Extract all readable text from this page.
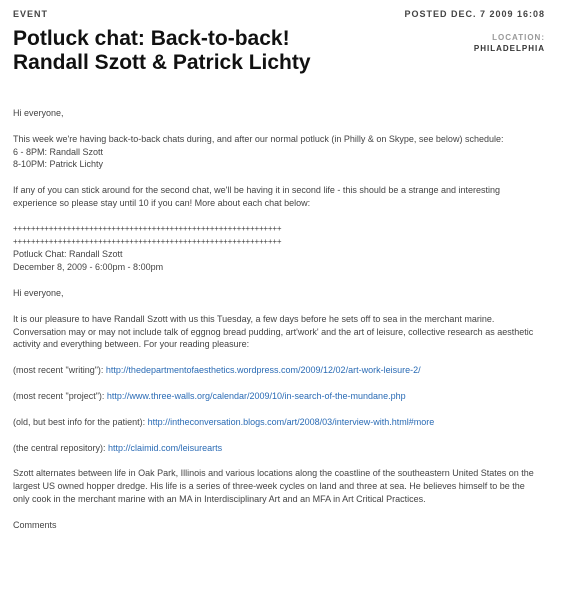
EVENT	POSTED DEC. 7 2009 16:08
Potluck chat: Back-to-back!
Randall Szott & Patrick Lichty
LOCATION:
PHILADELPHIA

Hi everyone,

This week we're having back-to-back chats during, and after our normal potluck (in Philly & on Skype, see below) schedule:
6 - 8PM: Randall Szott
8-10PM: Patrick Lichty

If any of you can stick around for the second chat, we'll be having it in second life - this should be a strange and interesting experience so please stay until 10 if you can! More about each chat below:

++++++++++++++++++++++++++++++++++++++++++++++++++++++++++++
++++++++++++++++++++++++++++++++++++++++++++++++++++++++++++
Potluck Chat: Randall Szott
December 8, 2009 - 6:00pm - 8:00pm

Hi everyone,

It is our pleasure to have Randall Szott with us this Tuesday, a few days before he sets off to sea in the merchant marine. Conversation may or may not include talk of eggnog bread pudding, art'work' and the art of leisure, collective research as aesthetic activity and everything between. For your reading pleasure:

(most recent "writing"): http://thedepartmentofaesthetics.wordpress.com/2009/12/02/art-work-leisure-2/

(most recent "project"): http://www.three-walls.org/calendar/2009/10/in-search-of-the-mundane.php

(old, but best info for the patient): http://intheconversation.blogs.com/art/2008/03/interview-with.html#more

(the central repository): http://claimid.com/leisurearts

Szott alternates between life in Oak Park, Illinois and various locations along the coastline of the southeastern United States on the largest US owned hopper dredge. His life is a series of three-week cycles on land and three at sea. He believes himself to be the only cook in the merchant marine with an MA in Interdisciplinary Art and an MFA in Art Critical Practices.

Comments
